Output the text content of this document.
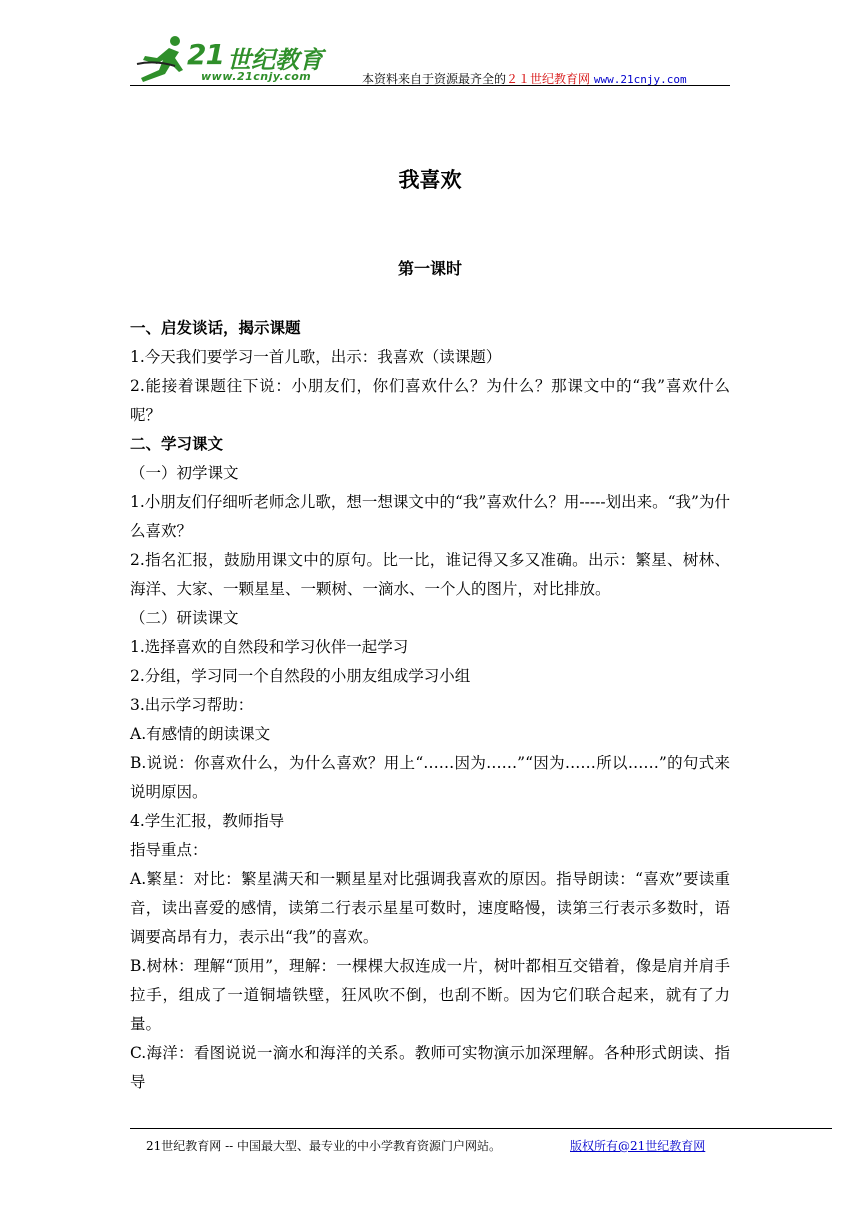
21 世纪教育
www.21cnjy.com	本资料来自于资源最齐全的２１世纪教育网 www.21cnjy.com
我喜欢
第一课时

一、启发谈话，揭示课题

1.今天我们要学习一首儿歌，出示：我喜欢（读课题）

2.能接着课题往下说：小朋友们，你们喜欢什么？为什么？那课文中的“我”喜欢什么呢？

二、学习课文

（一）初学课文

1.小朋友们仔细听老师念儿歌，想一想课文中的“我”喜欢什么？用-----划出来。“我”为什么喜欢？

2.指名汇报，鼓励用课文中的原句。比一比，谁记得又多又准确。出示：繁星、树林、海洋、大家、一颗星星、一颗树、一滴水、一个人的图片，对比排放。

（二）研读课文

1.选择喜欢的自然段和学习伙伴一起学习

2.分组，学习同一个自然段的小朋友组成学习小组

3.出示学习帮助：

A.有感情的朗读课文

B.说说：你喜欢什么，为什么喜欢？用上“……因为……”“因为……所以……”的句式来说明原因。

4.学生汇报，教师指导

指导重点：

A.繁星：对比：繁星满天和一颗星星对比强调我喜欢的原因。指导朗读：“喜欢”要读重音，读出喜爱的感情，读第二行表示星星可数时，速度略慢，读第三行表示多数时，语调要高昂有力，表示出“我”的喜欢。

B.树林：理解“顶用”，理解：一棵棵大叔连成一片，树叶都相互交错着，像是肩并肩手拉手，组成了一道铜墙铁壁，狂风吹不倒，也刮不断。因为它们联合起来，就有了力量。

C.海洋：看图说说一滴水和海洋的关系。教师可实物演示加深理解。各种形式朗读、指导

21世纪教育网 -- 中国最大型、最专业的中小学教育资源门户网站。	版权所有@21世纪教育网
